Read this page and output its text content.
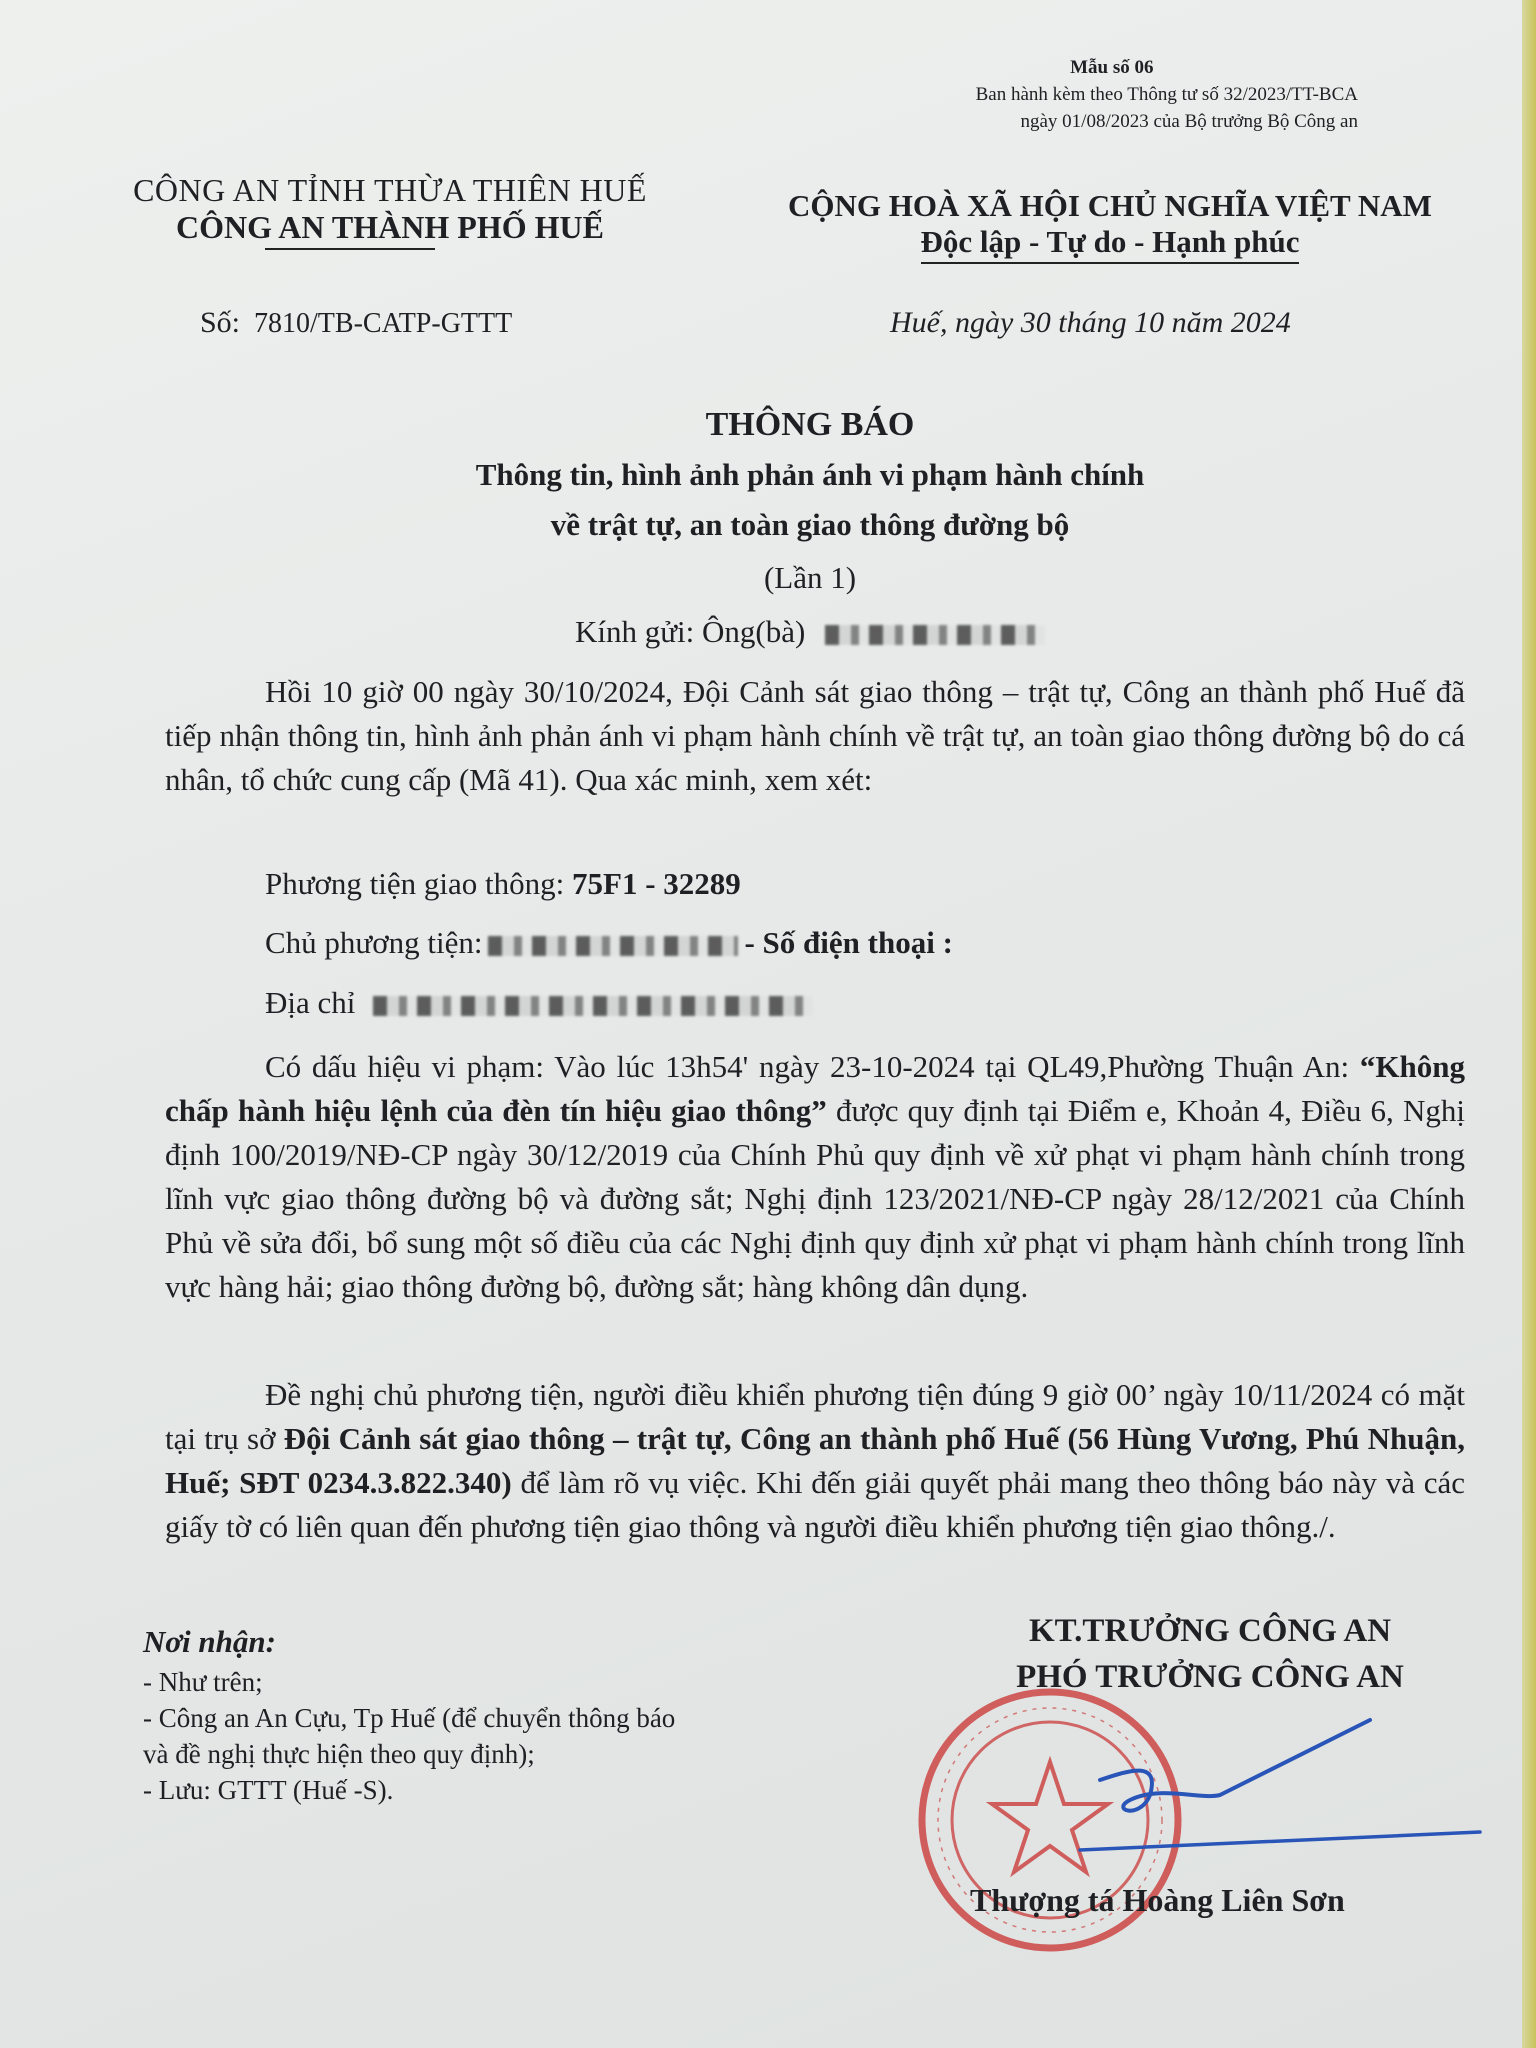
Mẫu số 06
Ban hành kèm theo Thông tư số 32/2023/TT-BCA
ngày 01/08/2023 của Bộ trưởng Bộ Công an
CÔNG AN TỈNH THỪA THIÊN HUẾ
CÔNG AN THÀNH PHỐ HUẾ
CỘNG HOÀ XÃ HỘI CHỦ NGHĨA VIỆT NAM
Độc lập - Tự do - Hạnh phúc
Số: 7810/TB-CATP-GTTT	Huế, ngày 30 tháng 10 năm 2024
THÔNG BÁO
Thông tin, hình ảnh phản ánh vi phạm hành chính
về trật tự, an toàn giao thông đường bộ
(Lần 1)
Kính gửi: Ông(bà)
Hồi 10 giờ 00 ngày 30/10/2024, Đội Cảnh sát giao thông – trật tự, Công an thành phố Huế đã tiếp nhận thông tin, hình ảnh phản ánh vi phạm hành chính về trật tự, an toàn giao thông đường bộ do cá nhân, tổ chức cung cấp (Mã 41). Qua xác minh, xem xét:
Phương tiện giao thông: 75F1 - 32289
Chủ phương tiện:	- Số điện thoại :
Địa chỉ
Có dấu hiệu vi phạm: Vào lúc 13h54' ngày 23-10-2024 tại QL49,Phường Thuận An: “Không chấp hành hiệu lệnh của đèn tín hiệu giao thông” được quy định tại Điểm e, Khoản 4, Điều 6, Nghị định 100/2019/NĐ-CP ngày 30/12/2019 của Chính Phủ quy định về xử phạt vi phạm hành chính trong lĩnh vực giao thông đường bộ và đường sắt; Nghị định 123/2021/NĐ-CP ngày 28/12/2021 của Chính Phủ về sửa đổi, bổ sung một số điều của các Nghị định quy định xử phạt vi phạm hành chính trong lĩnh vực hàng hải; giao thông đường bộ, đường sắt; hàng không dân dụng.
Đề nghị chủ phương tiện, người điều khiển phương tiện đúng 9 giờ 00’ ngày 10/11/2024 có mặt tại trụ sở Đội Cảnh sát giao thông – trật tự, Công an thành phố Huế (56 Hùng Vương, Phú Nhuận, Huế; SĐT 0234.3.822.340) để làm rõ vụ việc. Khi đến giải quyết phải mang theo thông báo này và các giấy tờ có liên quan đến phương tiện giao thông và người điều khiển phương tiện giao thông./.
Nơi nhận:
- Như trên;
- Công an An Cựu, Tp Huế (để chuyển thông báo
và đề nghị thực hiện theo quy định);
- Lưu: GTTT (Huế -S).
KT.TRƯỞNG CÔNG AN
PHÓ TRƯỞNG CÔNG AN
Thượng tá Hoàng Liên Sơn
